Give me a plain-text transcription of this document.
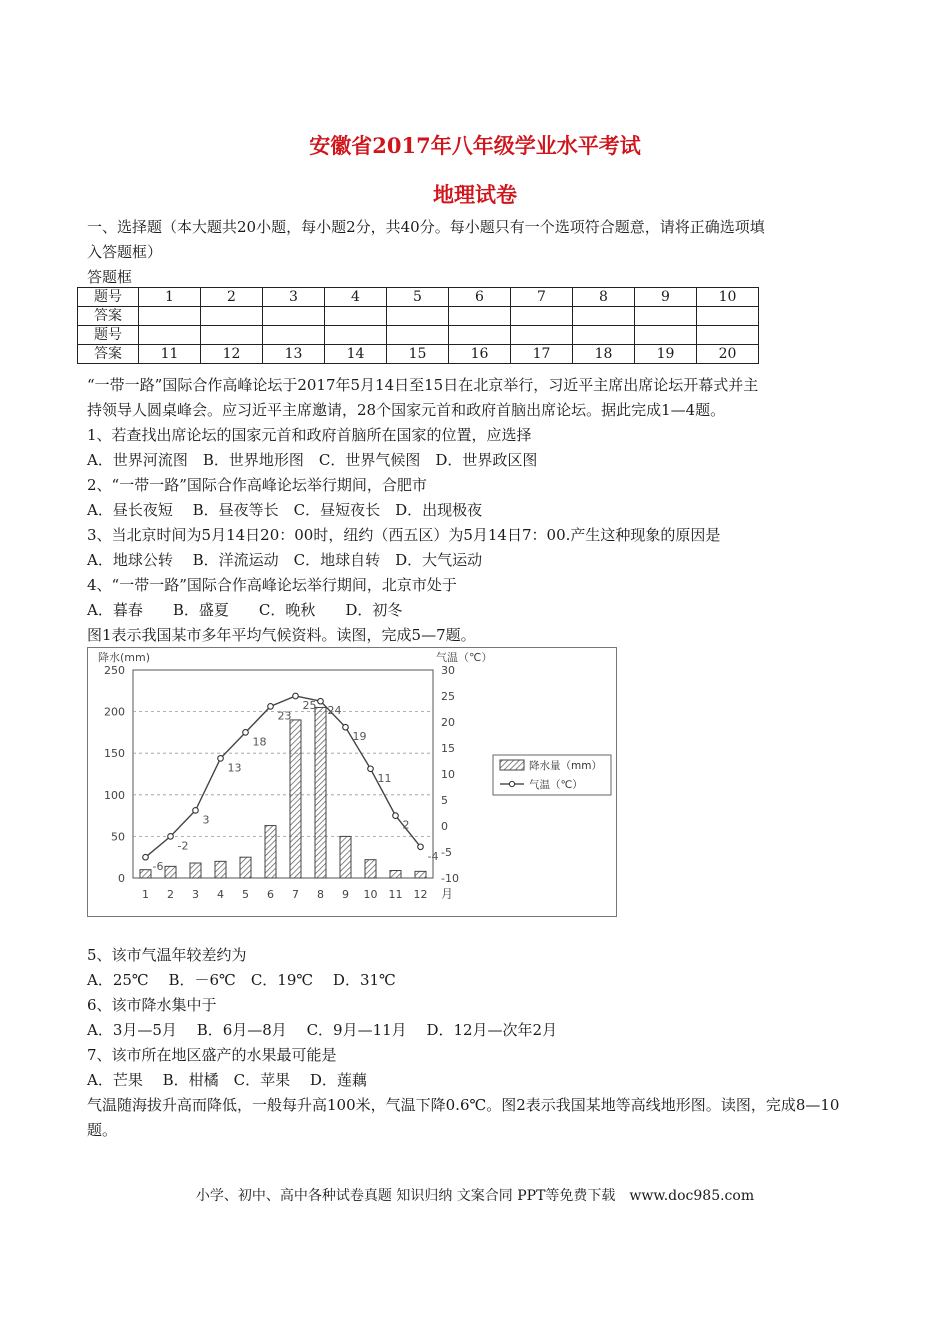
安徽省2017年八年级学业水平考试
地理试卷
一、选择题（本大题共20小题，每小题2分，共40分。每小题只有一个选项符合题意，请将正确选项填
入答题框）
答题框
题号	1	2	3	4	5	6	7	8	9	10
答案										
题号										
答案	11	12	13	14	15	16	17	18	19	20
“一带一路”国际合作高峰论坛于2017年5月14日至15日在北京举行，习近平主席出席论坛开幕式并主
持领导人圆桌峰会。应习近平主席邀请，28个国家元首和政府首脑出席论坛。据此完成1—4题。
1、若查找出席论坛的国家元首和政府首脑所在国家的位置，应选择
A．世界河流图　B．世界地形图　C．世界气候图　D．世界政区图
2、“一带一路”国际合作高峰论坛举行期间，合肥市
A．昼长夜短　 B．昼夜等长　C．昼短夜长　D．出现极夜
3、当北京时间为5月14日20：00时，纽约（西五区）为5月14日7：00.产生这种现象的原因是
A．地球公转　 B．洋流运动　C．地球自转　D．大气运动
4、“一带一路”国际合作高峰论坛举行期间，北京市处于
A．暮春　　B．盛夏　　C．晚秋　　D．初冬
图1表示我国某市多年平均气候资料。读图，完成5—7题。
0
50
100
150
200
250
-10
-5
0
5
10
15
20
25
30
降水(mm)	气温（℃）
-6
-2
3
13
18
23
25 24
19
11
2
-4
1 2 3 4 5 6 7 8 9 10 11 12 月
降水量（mm）
气温（℃）
5、该市气温年较差约为
A．25℃　 B．－6℃　C．19℃　 D．31℃
6、该市降水集中于
A．3月—5月　 B．6月—8月　 C．9月—11月　 D．12月—次年2月
7、该市所在地区盛产的水果最可能是
A．芒果　 B．柑橘　C．苹果　 D．莲藕
气温随海拔升高而降低，一般每升高100米，气温下降0.6℃。图2表示我国某地等高线地形图。读图，完成8—10题。
小学、初中、高中各种试卷真题 知识归纳 文案合同 PPT等免费下载　www.doc985.com
